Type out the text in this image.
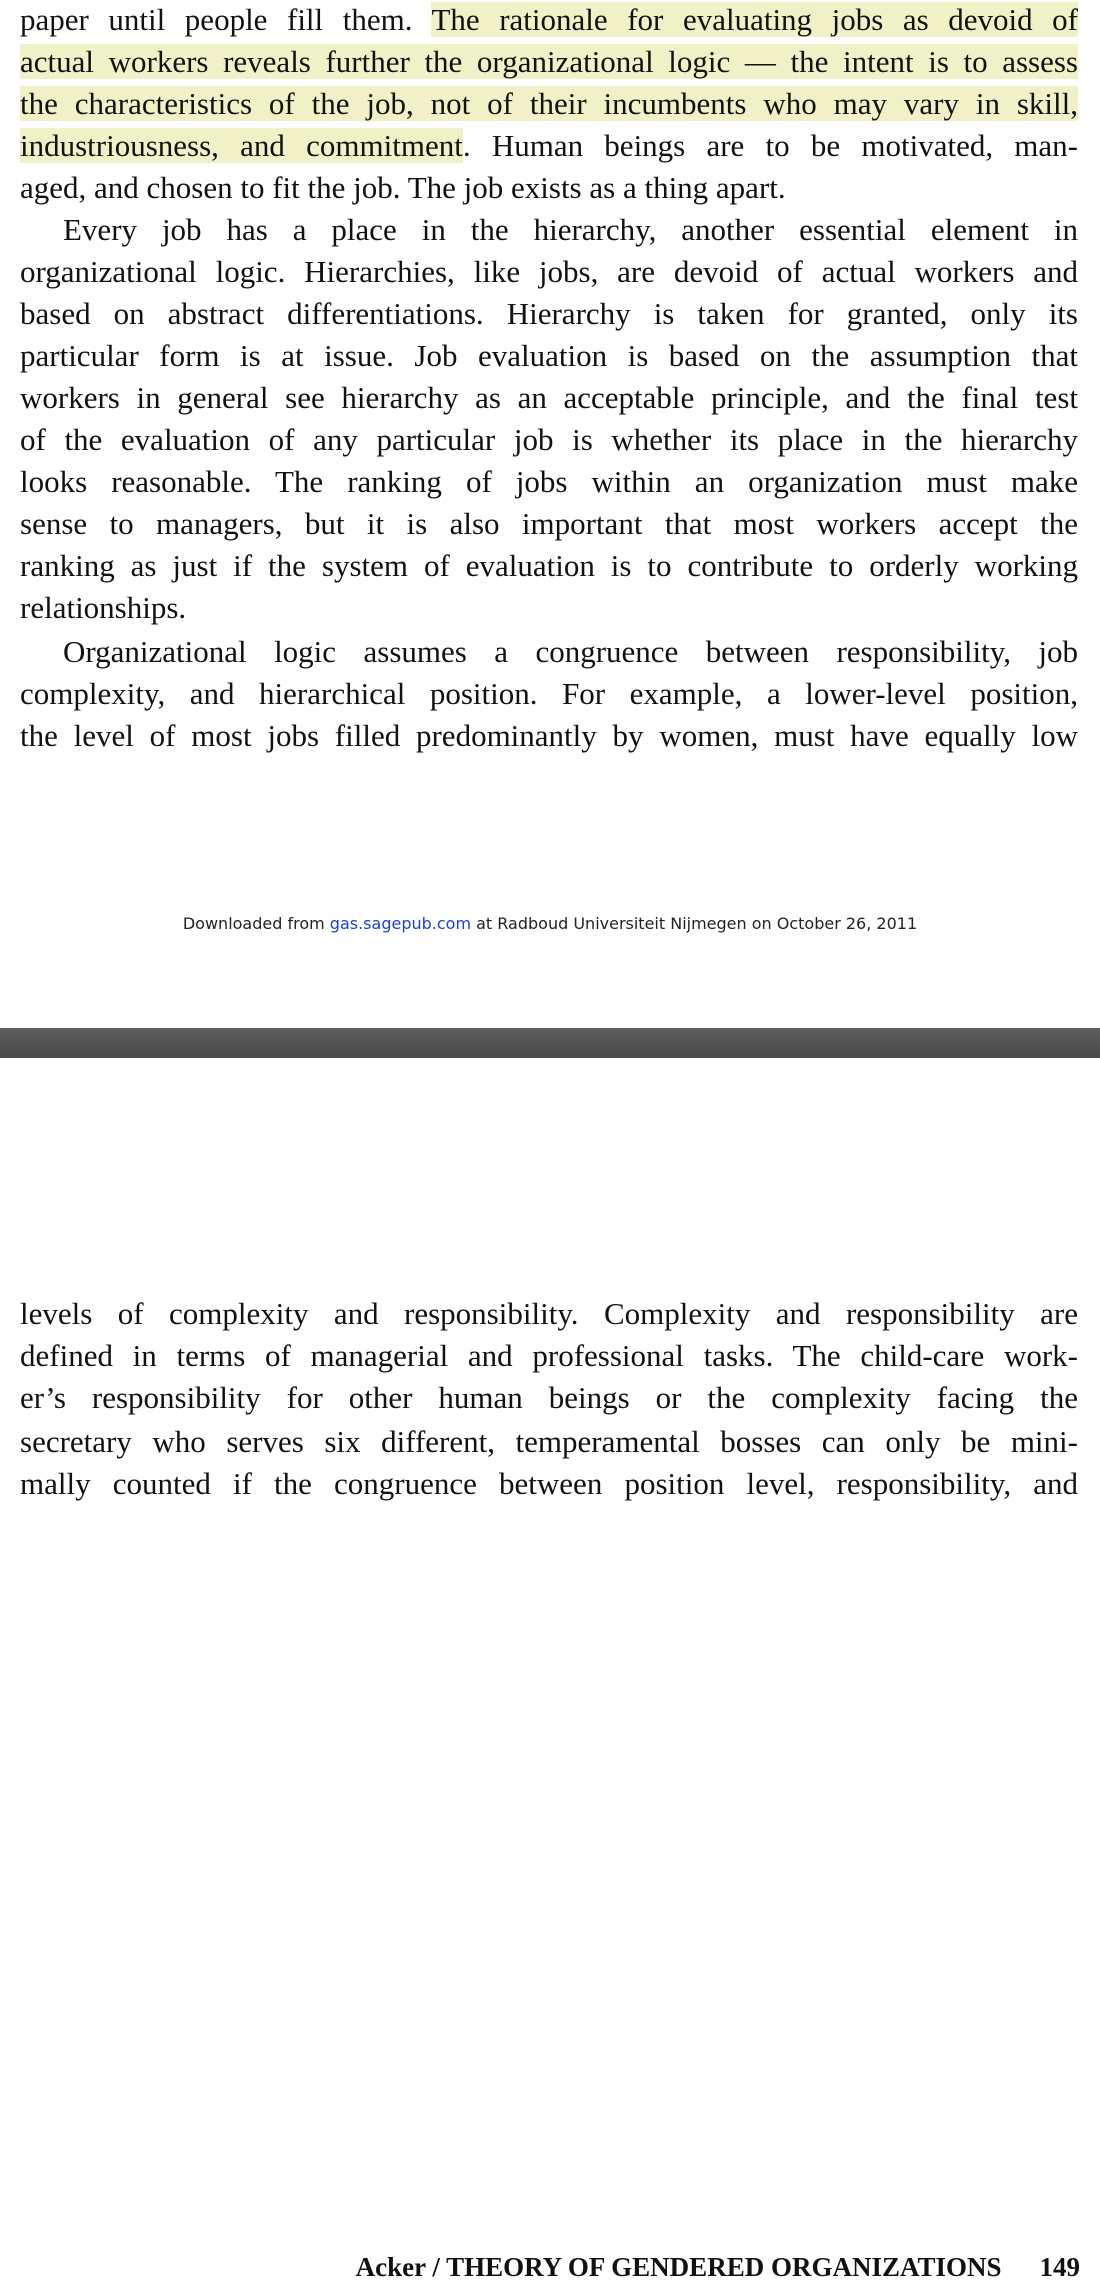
paper until people fill them. The rationale for evaluating jobs as devoid of
actual workers reveals further the organizational logic — the intent is to assess
the characteristics of the job, not of their incumbents who may vary in skill,
industriousness, and commitment. Human beings are to be motivated, man-
aged, and chosen to fit the job. The job exists as a thing apart.
Every job has a place in the hierarchy, another essential element in
organizational logic. Hierarchies, like jobs, are devoid of actual workers and
based on abstract differentiations. Hierarchy is taken for granted, only its
particular form is at issue. Job evaluation is based on the assumption that
workers in general see hierarchy as an acceptable principle, and the final test
of the evaluation of any particular job is whether its place in the hierarchy
looks reasonable. The ranking of jobs within an organization must make
sense to managers, but it is also important that most workers accept the
ranking as just if the system of evaluation is to contribute to orderly working
relationships.
Organizational logic assumes a congruence between responsibility, job
complexity, and hierarchical position. For example, a lower-level position,
the level of most jobs filled predominantly by women, must have equally low
Downloaded from gas.sagepub.com at Radboud Universiteit Nijmegen on October 26, 2011
Acker / THEORY OF GENDERED ORGANIZATIONS 149
levels of complexity and responsibility. Complexity and responsibility are
defined in terms of managerial and professional tasks. The child-care work-
er’s responsibility for other human beings or the complexity facing the
secretary who serves six different, temperamental bosses can only be mini-
mally counted if the congruence between position level, responsibility, and
